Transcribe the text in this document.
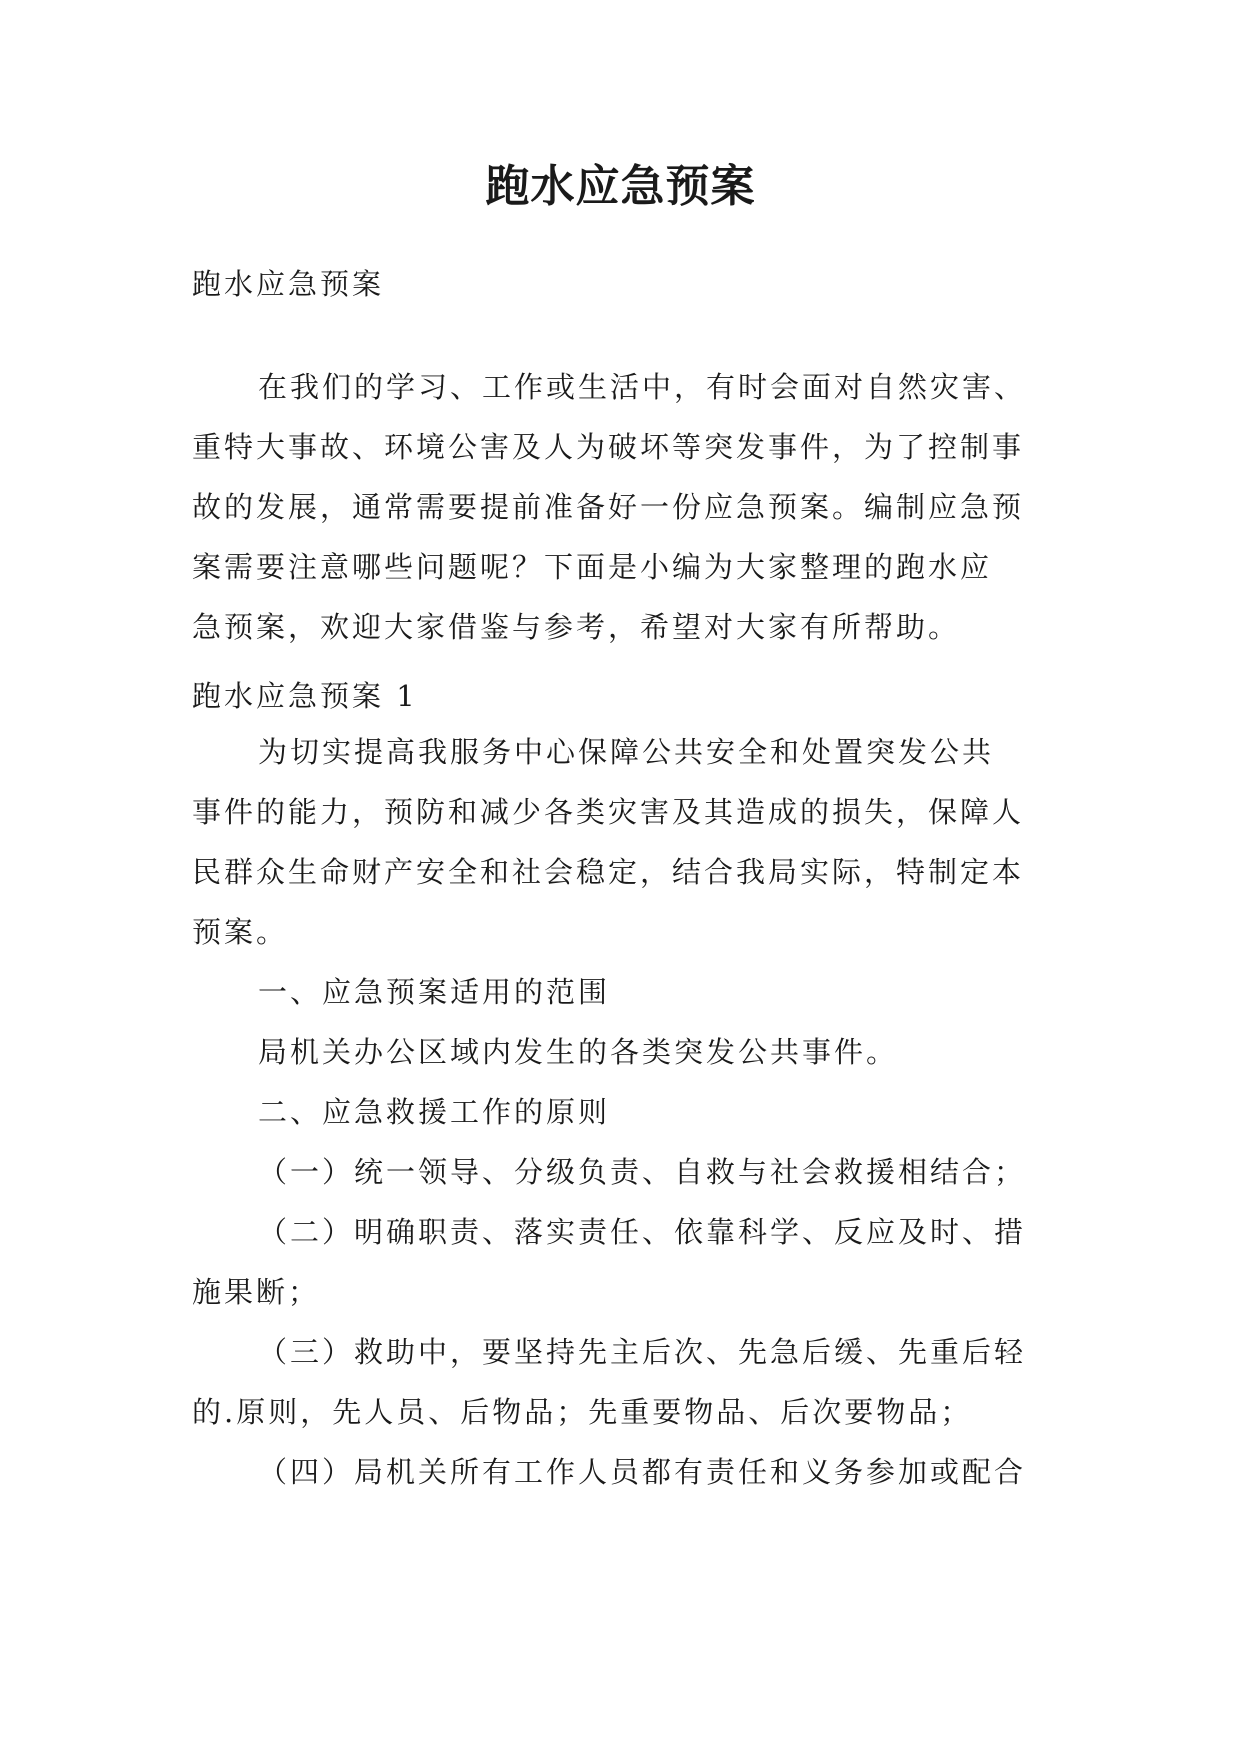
跑水应急预案

跑水应急预案

在我们的学习、工作或生活中，有时会面对自然灾害、
重特大事故、环境公害及人为破坏等突发事件，为了控制事
故的发展，通常需要提前准备好一份应急预案。编制应急预
案需要注意哪些问题呢？下面是小编为大家整理的跑水应
急预案，欢迎大家借鉴与参考，希望对大家有所帮助。

跑水应急预案 1

为切实提高我服务中心保障公共安全和处置突发公共
事件的能力，预防和减少各类灾害及其造成的损失，保障人
民群众生命财产安全和社会稳定，结合我局实际，特制定本
预案。
一、应急预案适用的范围
局机关办公区域内发生的各类突发公共事件。
二、应急救援工作的原则
（一）统一领导、分级负责、自救与社会救援相结合；
（二）明确职责、落实责任、依靠科学、反应及时、措
施果断；
（三）救助中，要坚持先主后次、先急后缓、先重后轻
的.原则，先人员、后物品；先重要物品、后次要物品；
（四）局机关所有工作人员都有责任和义务参加或配合
